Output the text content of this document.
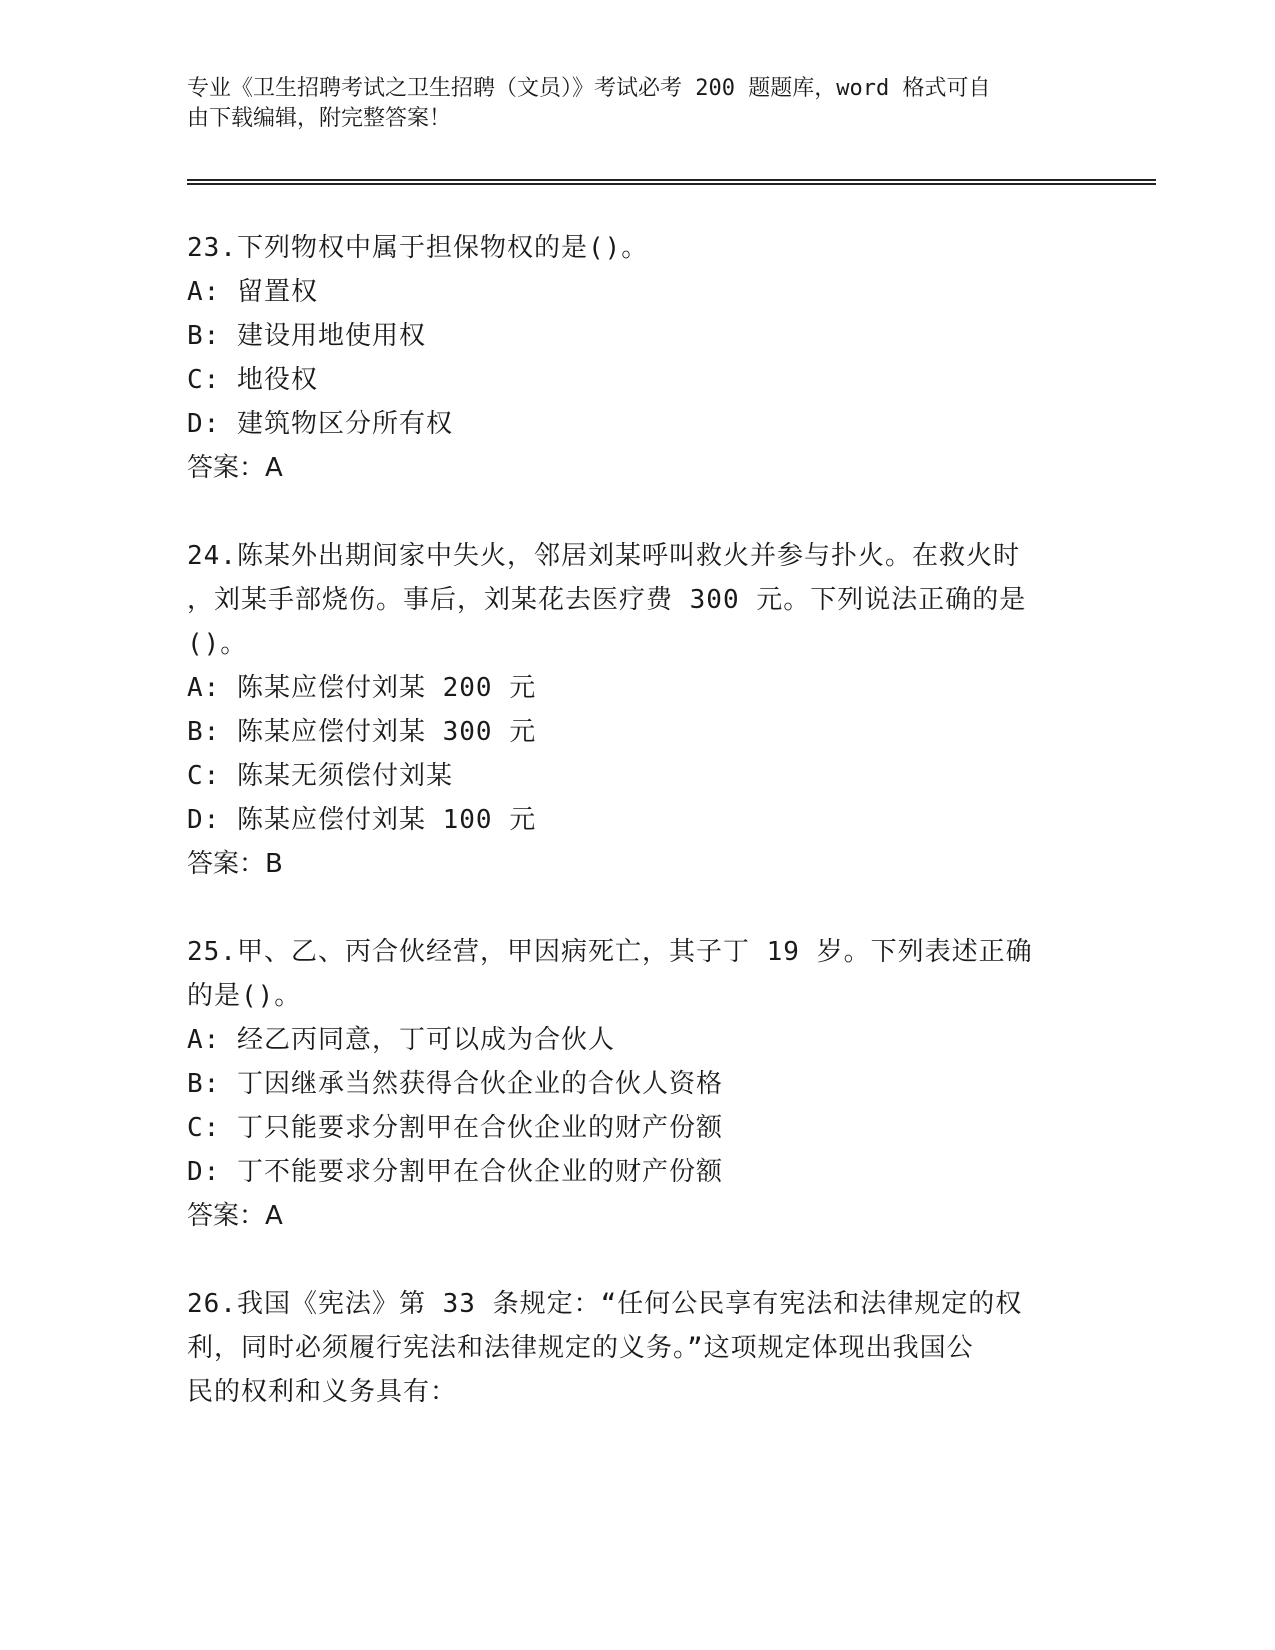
专业《卫生招聘考试之卫生招聘（文员）》考试必考 200 题题库，word 格式可自
由下载编辑，附完整答案！
23.下列物权中属于担保物权的是()。
A: 留置权
B: 建设用地使用权
C: 地役权
D: 建筑物区分所有权
答案：A
24.陈某外出期间家中失火，邻居刘某呼叫救火并参与扑火。在救火时
，刘某手部烧伤。事后，刘某花去医疗费 300 元。下列说法正确的是
()。
A: 陈某应偿付刘某 200 元
B: 陈某应偿付刘某 300 元
C: 陈某无须偿付刘某
D: 陈某应偿付刘某 100 元
答案：B
25.甲、乙、丙合伙经营，甲因病死亡，其子丁 19 岁。下列表述正确
的是()。
A: 经乙丙同意，丁可以成为合伙人
B: 丁因继承当然获得合伙企业的合伙人资格
C: 丁只能要求分割甲在合伙企业的财产份额
D: 丁不能要求分割甲在合伙企业的财产份额
答案：A
26.我国《宪法》第 33 条规定：“任何公民享有宪法和法律规定的权
利，同时必须履行宪法和法律规定的义务。”这项规定体现出我国公
民的权利和义务具有：
